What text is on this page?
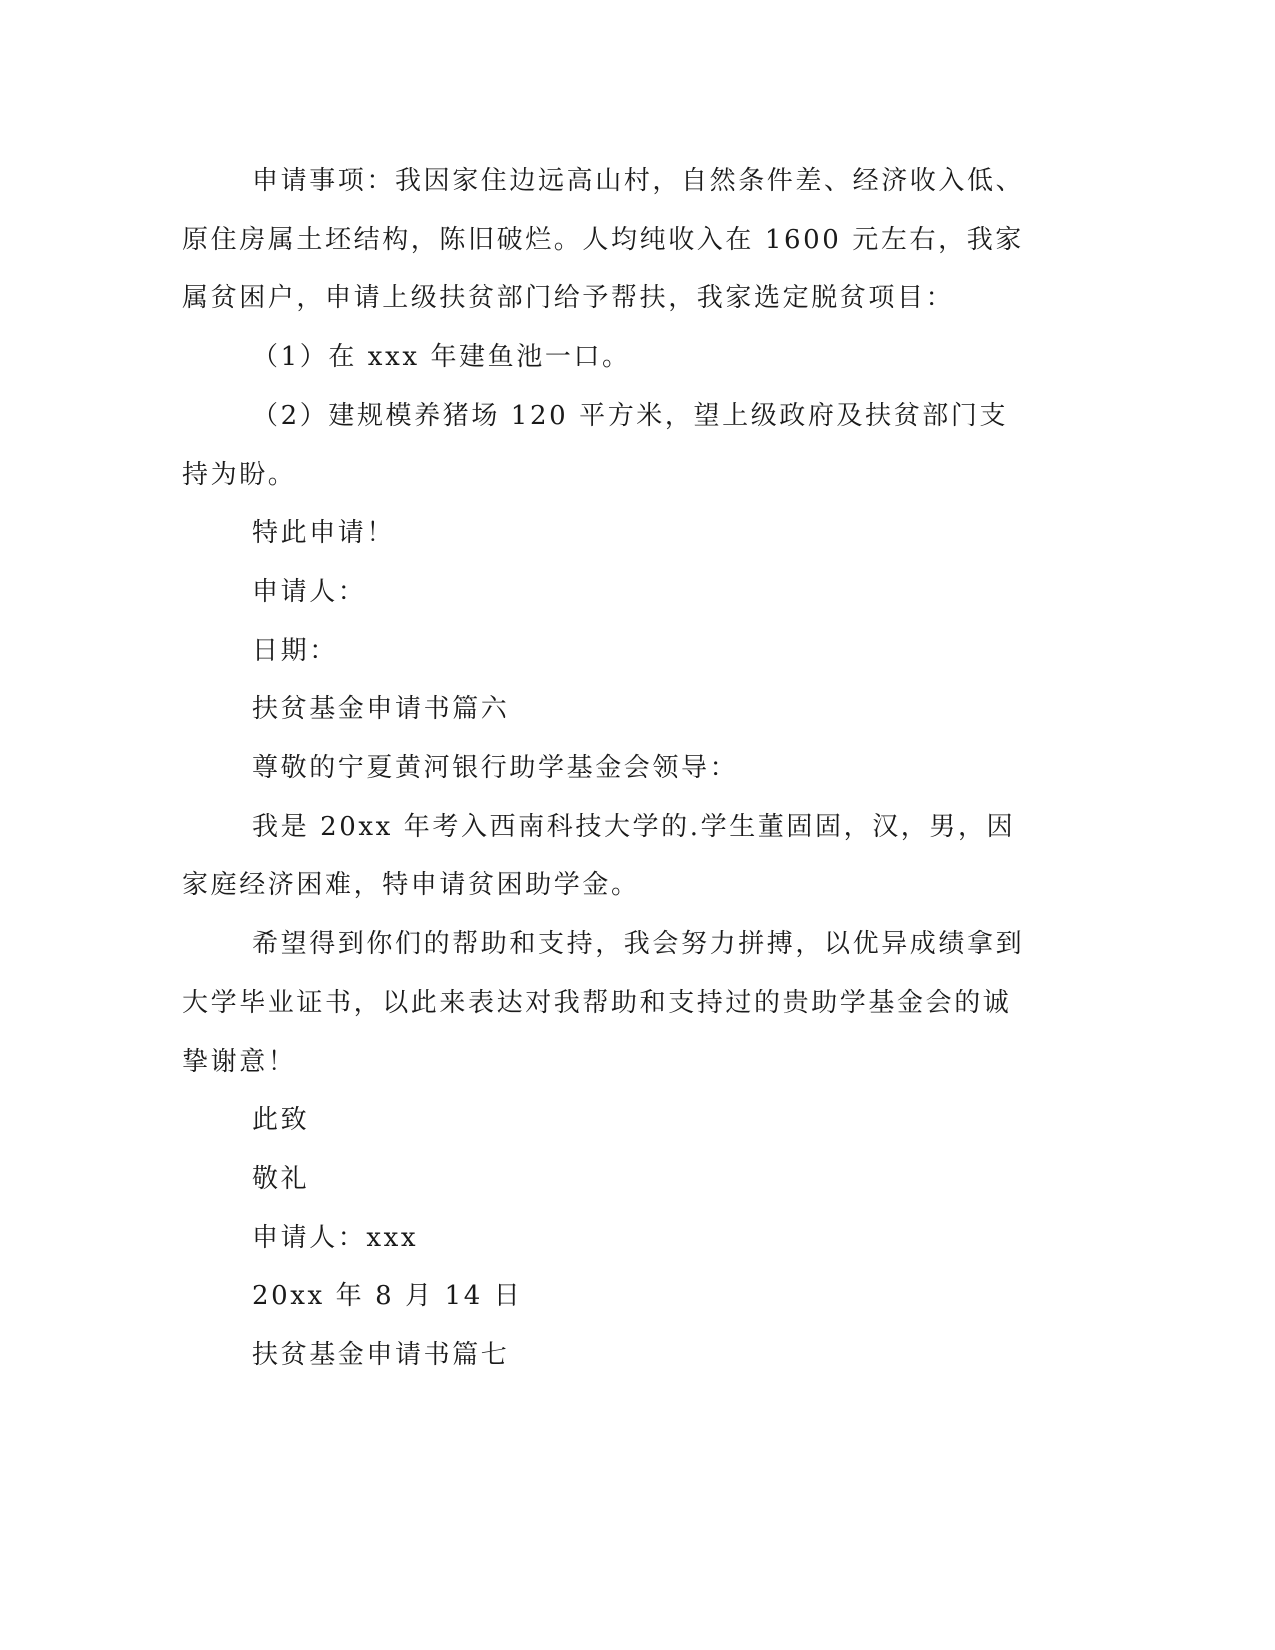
申请事项：我因家住边远高山村，自然条件差、经济收入低、原住房属土坯结构，陈旧破烂。人均纯收入在 1600 元左右，我家属贫困户，申请上级扶贫部门给予帮扶，我家选定脱贫项目：

（1）在 xxx 年建鱼池一口。

（2）建规模养猪场 120 平方米，望上级政府及扶贫部门支持为盼。

特此申请！

申请人：

日期：

扶贫基金申请书篇六

尊敬的宁夏黄河银行助学基金会领导：

我是 20xx 年考入西南科技大学的.学生董固固，汉，男，因家庭经济困难，特申请贫困助学金。

希望得到你们的帮助和支持，我会努力拼搏，以优异成绩拿到大学毕业证书，以此来表达对我帮助和支持过的贵助学基金会的诚挚谢意！

此致

敬礼

申请人：xxx

20xx 年 8 月 14 日

扶贫基金申请书篇七
